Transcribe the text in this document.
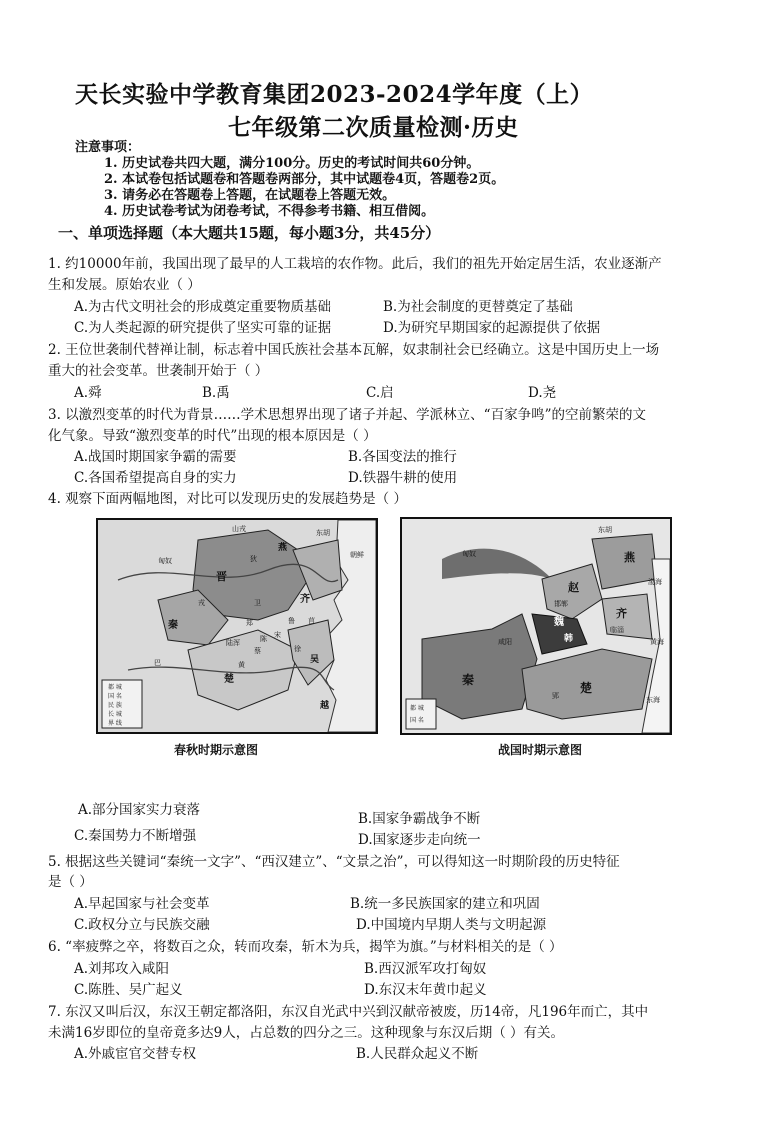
天长实验中学教育集团2023-2024学年度（上）
七年级第二次质量检测·历史
注意事项：
1. 历史试卷共四大题，满分100分。历史的考试时间共60分钟。
2. 本试卷包括试题卷和答题卷两部分，其中试题卷4页，答题卷2页。
3. 请务必在答题卷上答题，在试题卷上答题无效。
4. 历史试卷考试为闭卷考试，不得参考书籍、相互借阅。
一、单项选择题（本大题共15题，每小题3分，共45分）
1. 约10000年前，我国出现了最早的人工栽培的农作物。此后，我们的祖先开始定居生活，农业逐渐产
生和发展。原始农业（ ）
A.为古代文明社会的形成奠定重要物质基础	B.为社会制度的更替奠定了基础
C.为人类起源的研究提供了坚实可靠的证据	D.为研究早期国家的起源提供了依据
2. 王位世袭制代替禅让制，标志着中国氏族社会基本瓦解，奴隶制社会已经确立。这是中国历史上一场
重大的社会变革。世袭制开始于（ ）
A.舜	B.禹	C.启	D.尧
3. 以激烈变革的时代为背景……学术思想界出现了诸子并起、学派林立、“百家争鸣”的空前繁荣的文
化气象。导致“激烈变革的时代”出现的根本原因是（ ）
A.战国时期国家争霸的需要	B.各国变法的推行
C.各国希望提高自身的实力	D.铁器牛耕的使用
4. 观察下面两幅地图，对比可以发现历史的发展趋势是（ ）
山戎
燕
晋
齐
秦
楚
吴
越
宋
鲁
卫
郑
陈
蔡
戎
狄
莒
徐
巴
匈奴
东胡
朝鲜
黄
陆浑
都 城
国 名
民 族
长 城
界 线
春秋时期示意图
燕
赵
齐
魏
韩
秦
楚
东胡
匈奴
渤海
黄海
东海
临淄
邯郸
郢
咸阳
都 城
国 名
战国时期示意图
A.部分国家实力衰落
B.国家争霸战争不断
C.秦国势力不断增强	D.国家逐步走向统一
5. 根据这些关键词“秦统一文字”、“西汉建立”、“文景之治”，可以得知这一时期阶段的历史特征
是（ ）
A.早起国家与社会变革	B.统一多民族国家的建立和巩固
C.政权分立与民族交融	D.中国境内早期人类与文明起源
6. “率疲弊之卒，将数百之众，转而攻秦，斩木为兵，揭竿为旗。”与材料相关的是（ ）
A.刘邦攻入咸阳	B.西汉派军攻打匈奴
C.陈胜、吴广起义	D.东汉末年黄巾起义
7. 东汉又叫后汉，东汉王朝定都洛阳，东汉自光武中兴到汉献帝被废，历14帝，凡196年而亡，其中
未满16岁即位的皇帝竟多达9人，占总数的四分之三。这种现象与东汉后期（ ）有关。
A.外戚宦官交替专权	B.人民群众起义不断
